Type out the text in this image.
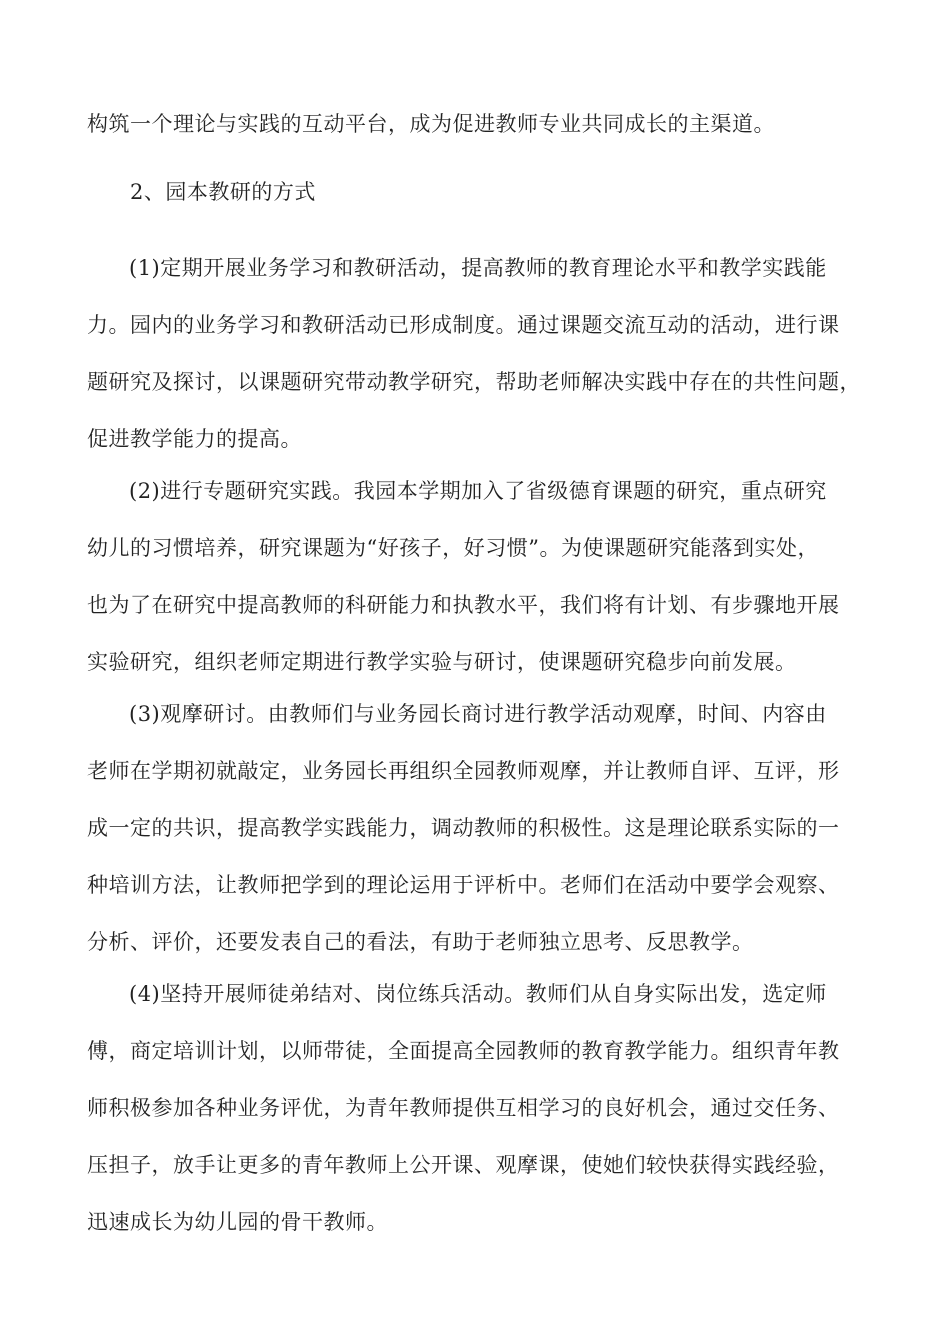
构筑一个理论与实践的互动平台，成为促进教师专业共同成长的主渠道。
2、园本教研的方式
(1)定期开展业务学习和教研活动，提高教师的教育理论水平和教学实践能
力。园内的业务学习和教研活动已形成制度。通过课题交流互动的活动，进行课
题研究及探讨，以课题研究带动教学研究，帮助老师解决实践中存在的共性问题，
促进教学能力的提高。
(2)进行专题研究实践。我园本学期加入了省级德育课题的研究，重点研究
幼儿的习惯培养，研究课题为“好孩子，好习惯”。为使课题研究能落到实处，
也为了在研究中提高教师的科研能力和执教水平，我们将有计划、有步骤地开展
实验研究，组织老师定期进行教学实验与研讨，使课题研究稳步向前发展。
(3)观摩研讨。由教师们与业务园长商讨进行教学活动观摩，时间、内容由
老师在学期初就敲定，业务园长再组织全园教师观摩，并让教师自评、互评，形
成一定的共识，提高教学实践能力，调动教师的积极性。这是理论联系实际的一
种培训方法，让教师把学到的理论运用于评析中。老师们在活动中要学会观察、
分析、评价，还要发表自己的看法，有助于老师独立思考、反思教学。
(4)坚持开展师徒弟结对、岗位练兵活动。教师们从自身实际出发，选定师
傅，商定培训计划，以师带徒，全面提高全园教师的教育教学能力。组织青年教
师积极参加各种业务评优，为青年教师提供互相学习的良好机会，通过交任务、
压担子，放手让更多的青年教师上公开课、观摩课，使她们较快获得实践经验，
迅速成长为幼儿园的骨干教师。
